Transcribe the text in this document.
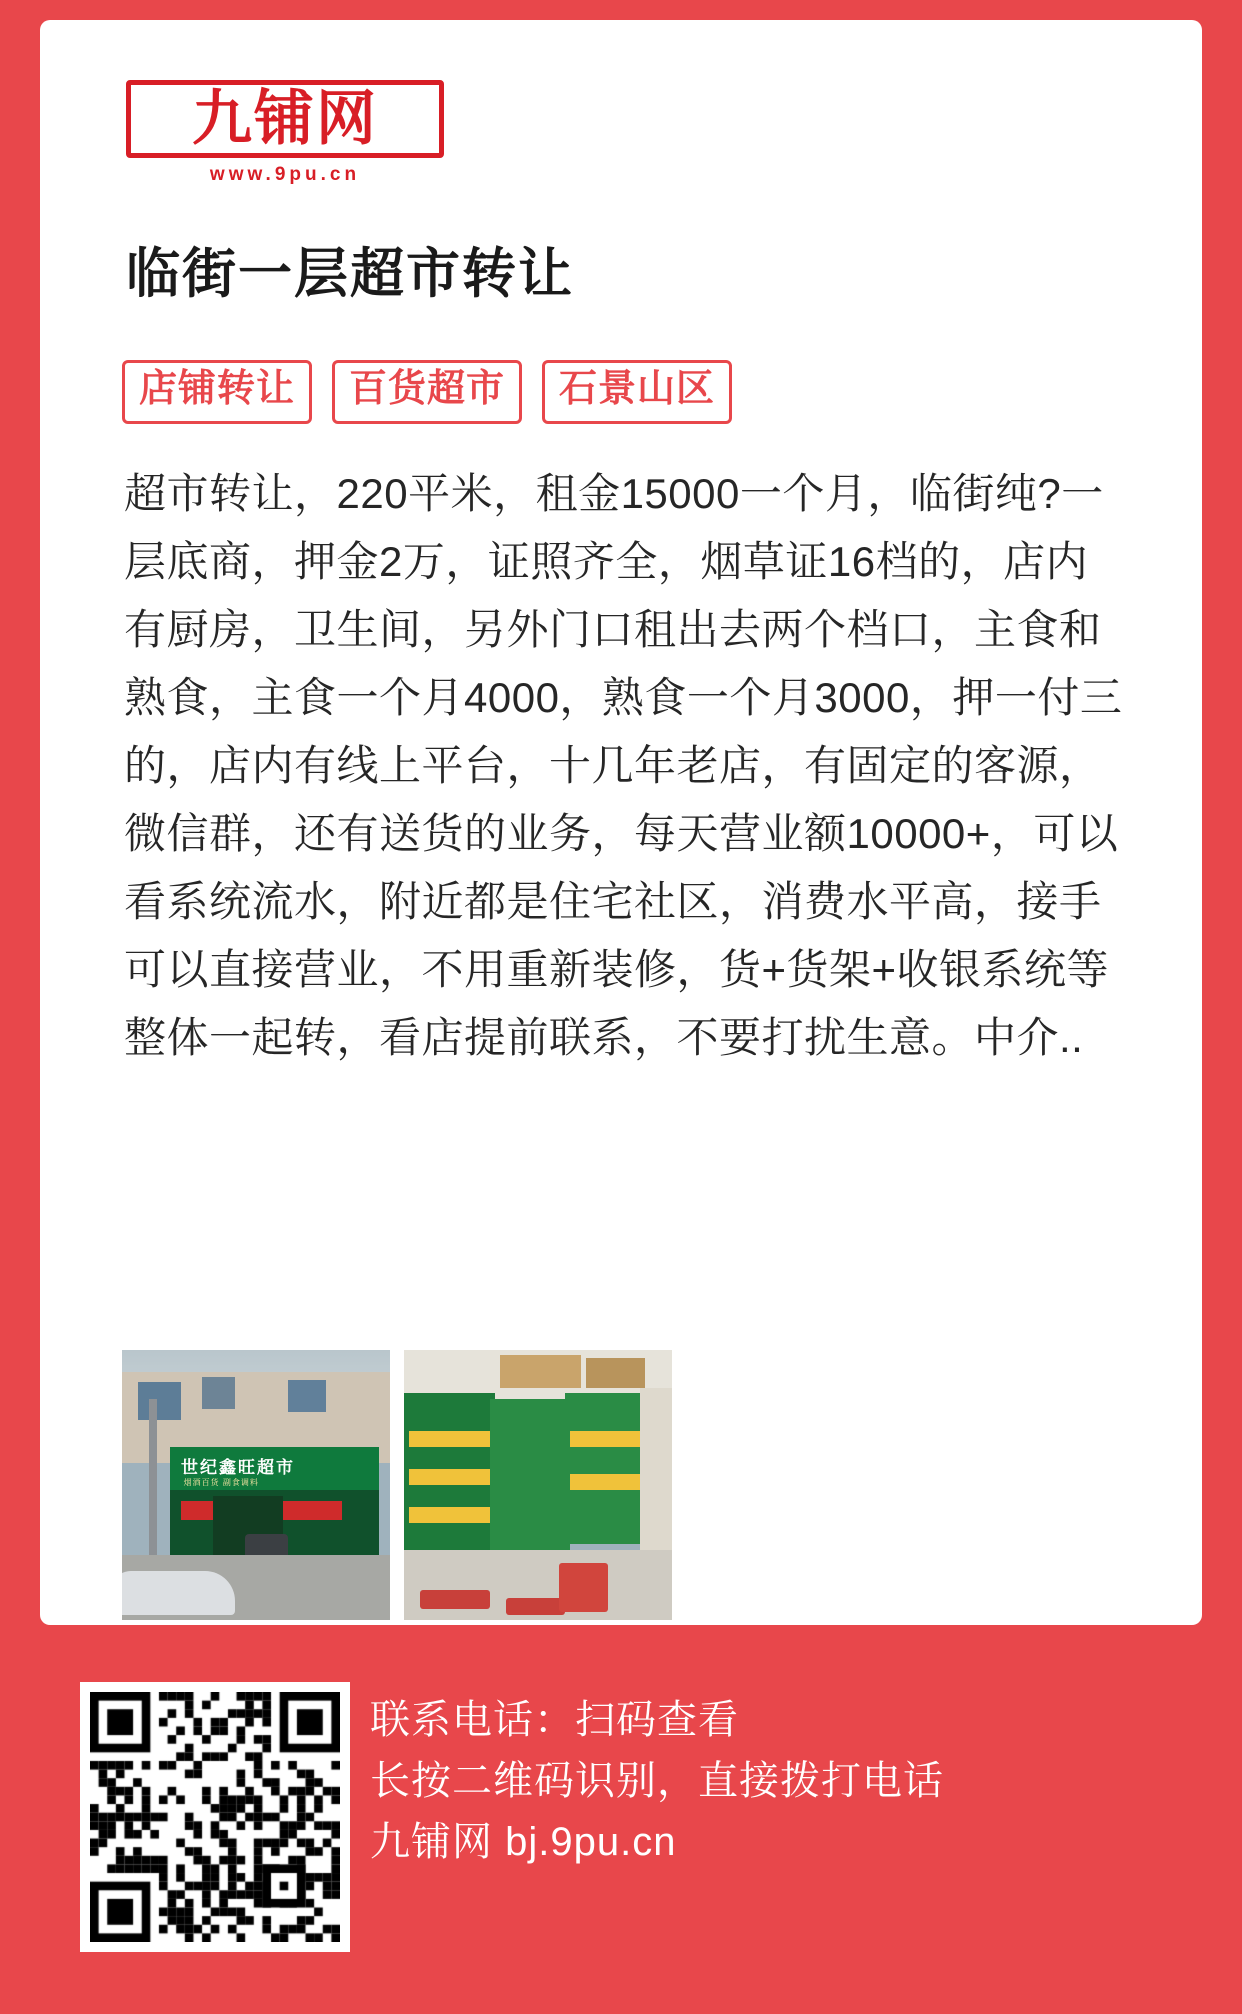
九铺网
www.9pu.cn
临街一层超市转让
店铺转让	百货超市	石景山区
超市转让，220平米，租金15000一个月，临街纯?一层底商，押金2万，证照齐全，烟草证16档的，店内有厨房，卫生间，另外门口租出去两个档口，主食和熟食，主食一个月4000，熟食一个月3000，押一付三的，店内有线上平台，十几年老店，有固定的客源，微信群，还有送货的业务，每天营业额10000+，可以看系统流水，附近都是住宅社区，消费水平高，接手可以直接营业，不用重新装修，货+货架+收银系统等整体一起转，看店提前联系，不要打扰生意。中介..
世纪鑫旺超市
烟酒百货 副食调料
联系电话：扫码查看
长按二维码识别，直接拨打电话
九铺网 bj.9pu.cn
